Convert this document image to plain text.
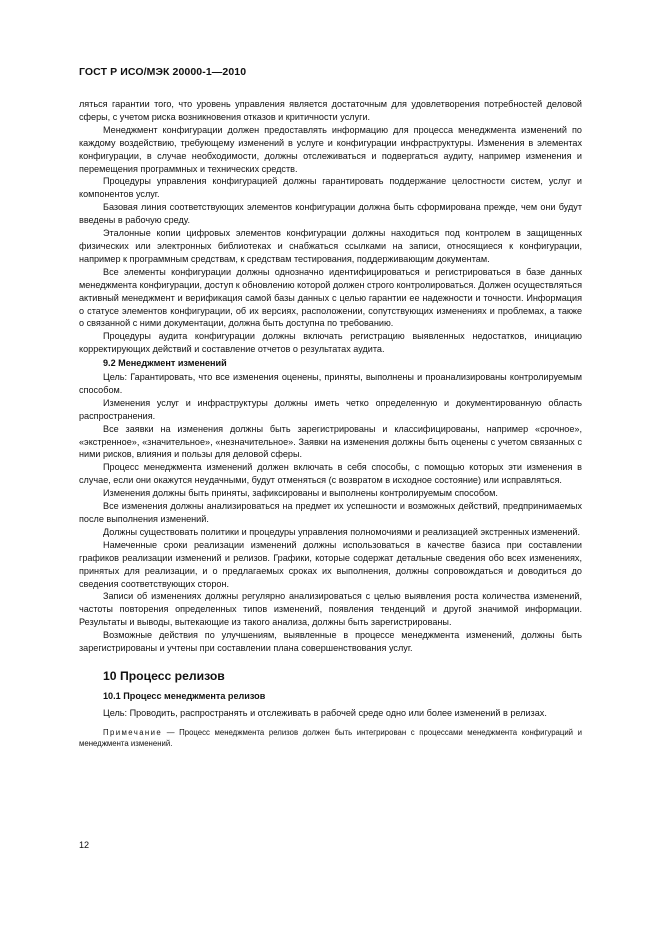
ГОСТ Р ИСО/МЭК 20000-1—2010

ляться гарантии того, что уровень управления является достаточным для удовлетворения потребностей деловой сферы, с учетом риска возникновения отказов и критичности услуги.

Менеджмент конфигурации должен предоставлять информацию для процесса менеджмента изменений по каждому воздействию, требующему изменений в услуге и конфигурации инфраструктуры. Изменения в элементах конфигурации, в случае необходимости, должны отслеживаться и подвергаться аудиту, например изменения и перемещения программных и технических средств.

Процедуры управления конфигурацией должны гарантировать поддержание целостности систем, услуг и компонентов услуг.

Базовая линия соответствующих элементов конфигурации должна быть сформирована прежде, чем они будут введены в рабочую среду.

Эталонные копии цифровых элементов конфигурации должны находиться под контролем в защищенных физических или электронных библиотеках и снабжаться ссылками на записи, относящиеся к конфигурации, например к программным средствам, к средствам тестирования, поддерживающим документам.

Все элементы конфигурации должны однозначно идентифицироваться и регистрироваться в базе данных менеджмента конфигурации, доступ к обновлению которой должен строго контролироваться. Должен осуществляться активный менеджмент и верификация самой базы данных с целью гарантии ее надежности и точности. Информация о статусе элементов конфигурации, об их версиях, расположении, сопутствующих изменениях и проблемах, а также о связанной с ними документации, должна быть доступна по требованию.

Процедуры аудита конфигурации должны включать регистрацию выявленных недостатков, инициацию корректирующих действий и составление отчетов о результатах аудита.

9.2 Менеджмент изменений

Цель: Гарантировать, что все изменения оценены, приняты, выполнены и проанализированы контролируемым способом.

Изменения услуг и инфраструктуры должны иметь четко определенную и документированную область распространения.

Все заявки на изменения должны быть зарегистрированы и классифицированы, например «срочное», «экстренное», «значительное», «незначительное». Заявки на изменения должны быть оценены с учетом связанных с ними рисков, влияния и пользы для деловой сферы.

Процесс менеджмента изменений должен включать в себя способы, с помощью которых эти изменения в случае, если они окажутся неудачными, будут отменяться (с возвратом в исходное состояние) или исправляться.

Изменения должны быть приняты, зафиксированы и выполнены контролируемым способом.

Все изменения должны анализироваться на предмет их успешности и возможных действий, предпринимаемых после выполнения изменений.

Должны существовать политики и процедуры управления полномочиями и реализацией экстренных изменений.

Намеченные сроки реализации изменений должны использоваться в качестве базиса при составлении графиков реализации изменений и релизов. Графики, которые содержат детальные сведения обо всех изменениях, принятых для реализации, и о предлагаемых сроках их выполнения, должны сопровождаться и доводиться до сведения соответствующих сторон.

Записи об изменениях должны регулярно анализироваться с целью выявления роста количества изменений, частоты повторения определенных типов изменений, появления тенденций и другой значимой информации. Результаты и выводы, вытекающие из такого анализа, должны быть зарегистрированы.

Возможные действия по улучшениям, выявленные в процессе менеджмента изменений, должны быть зарегистрированы и учтены при составлении плана совершенствования услуг.

10 Процесс релизов
10.1 Процесс менеджмента релизов

Цель: Проводить, распространять и отслеживать в рабочей среде одно или более изменений в релизах.

Примечание — Процесс менеджмента релизов должен быть интегрирован с процессами менеджмента конфигураций и менеджмента изменений.
12
